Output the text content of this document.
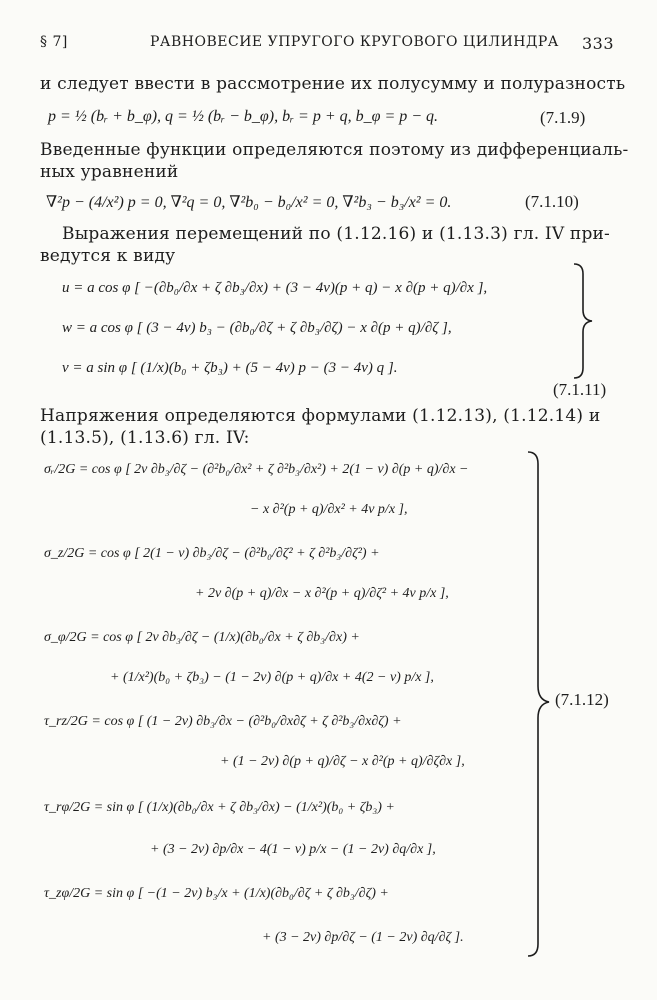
§ 7]	РАВНОВЕСИЕ УПРУГОГО КРУГОВОГО ЦИЛИНДРА 333
и следует ввести в рассмотрение их полусумму и полуразность
p = ½ (bᵣ + b_φ), q = ½ (bᵣ − b_φ), bᵣ = p + q, b_φ = p − q.	(7.1.9)
Введенные функции определяются поэтому из дифференциаль-
ных уравнений
∇²p − (4/x²) p = 0, ∇²q = 0, ∇²b₀ − b₀/x² = 0, ∇²b₃ − b₃/x² = 0.	(7.1.10)
Выражения перемещений по (1.12.16) и (1.13.3) гл. IV при-
ведутся к виду
u = a cos φ [ −(∂b₀/∂x + ζ ∂b₃/∂x) + (3 − 4ν)(p + q) − x ∂(p + q)/∂x ],
w = a cos φ [ (3 − 4ν) b₃ − (∂b₀/∂ζ + ζ ∂b₃/∂ζ) − x ∂(p + q)/∂ζ ],
v = a sin φ [ (1/x)(b₀ + ζb₃) + (5 − 4ν) p − (3 − 4ν) q ].
(7.1.11)
Напряжения определяются формулами (1.12.13), (1.12.14) и
(1.13.5), (1.13.6) гл. IV:
σᵣ/2G = cos φ [ 2ν ∂b₃/∂ζ − (∂²b₀/∂x² + ζ ∂²b₃/∂x²) + 2(1 − ν) ∂(p + q)/∂x −
− x ∂²(p + q)/∂x² + 4ν p/x ],
σ_z/2G = cos φ [ 2(1 − ν) ∂b₃/∂ζ − (∂²b₀/∂ζ² + ζ ∂²b₃/∂ζ²) +
+ 2ν ∂(p + q)/∂x − x ∂²(p + q)/∂ζ² + 4ν p/x ],
σ_φ/2G = cos φ [ 2ν ∂b₃/∂ζ − (1/x)(∂b₀/∂x + ζ ∂b₃/∂x) +
+ (1/x²)(b₀ + ζb₃) − (1 − 2ν) ∂(p + q)/∂x + 4(2 − ν) p/x ],
τ_rz/2G = cos φ [ (1 − 2ν) ∂b₃/∂x − (∂²b₀/∂x∂ζ + ζ ∂²b₃/∂x∂ζ) +
+ (1 − 2ν) ∂(p + q)/∂ζ − x ∂²(p + q)/∂ζ∂x ],
τ_rφ/2G = sin φ [ (1/x)(∂b₀/∂x + ζ ∂b₃/∂x) − (1/x²)(b₀ + ζb₃) +
+ (3 − 2ν) ∂p/∂x − 4(1 − ν) p/x − (1 − 2ν) ∂q/∂x ],
τ_zφ/2G = sin φ [ −(1 − 2ν) b₃/x + (1/x)(∂b₀/∂ζ + ζ ∂b₃/∂ζ) +
+ (3 − 2ν) ∂p/∂ζ − (1 − 2ν) ∂q/∂ζ ].
(7.1.12)
